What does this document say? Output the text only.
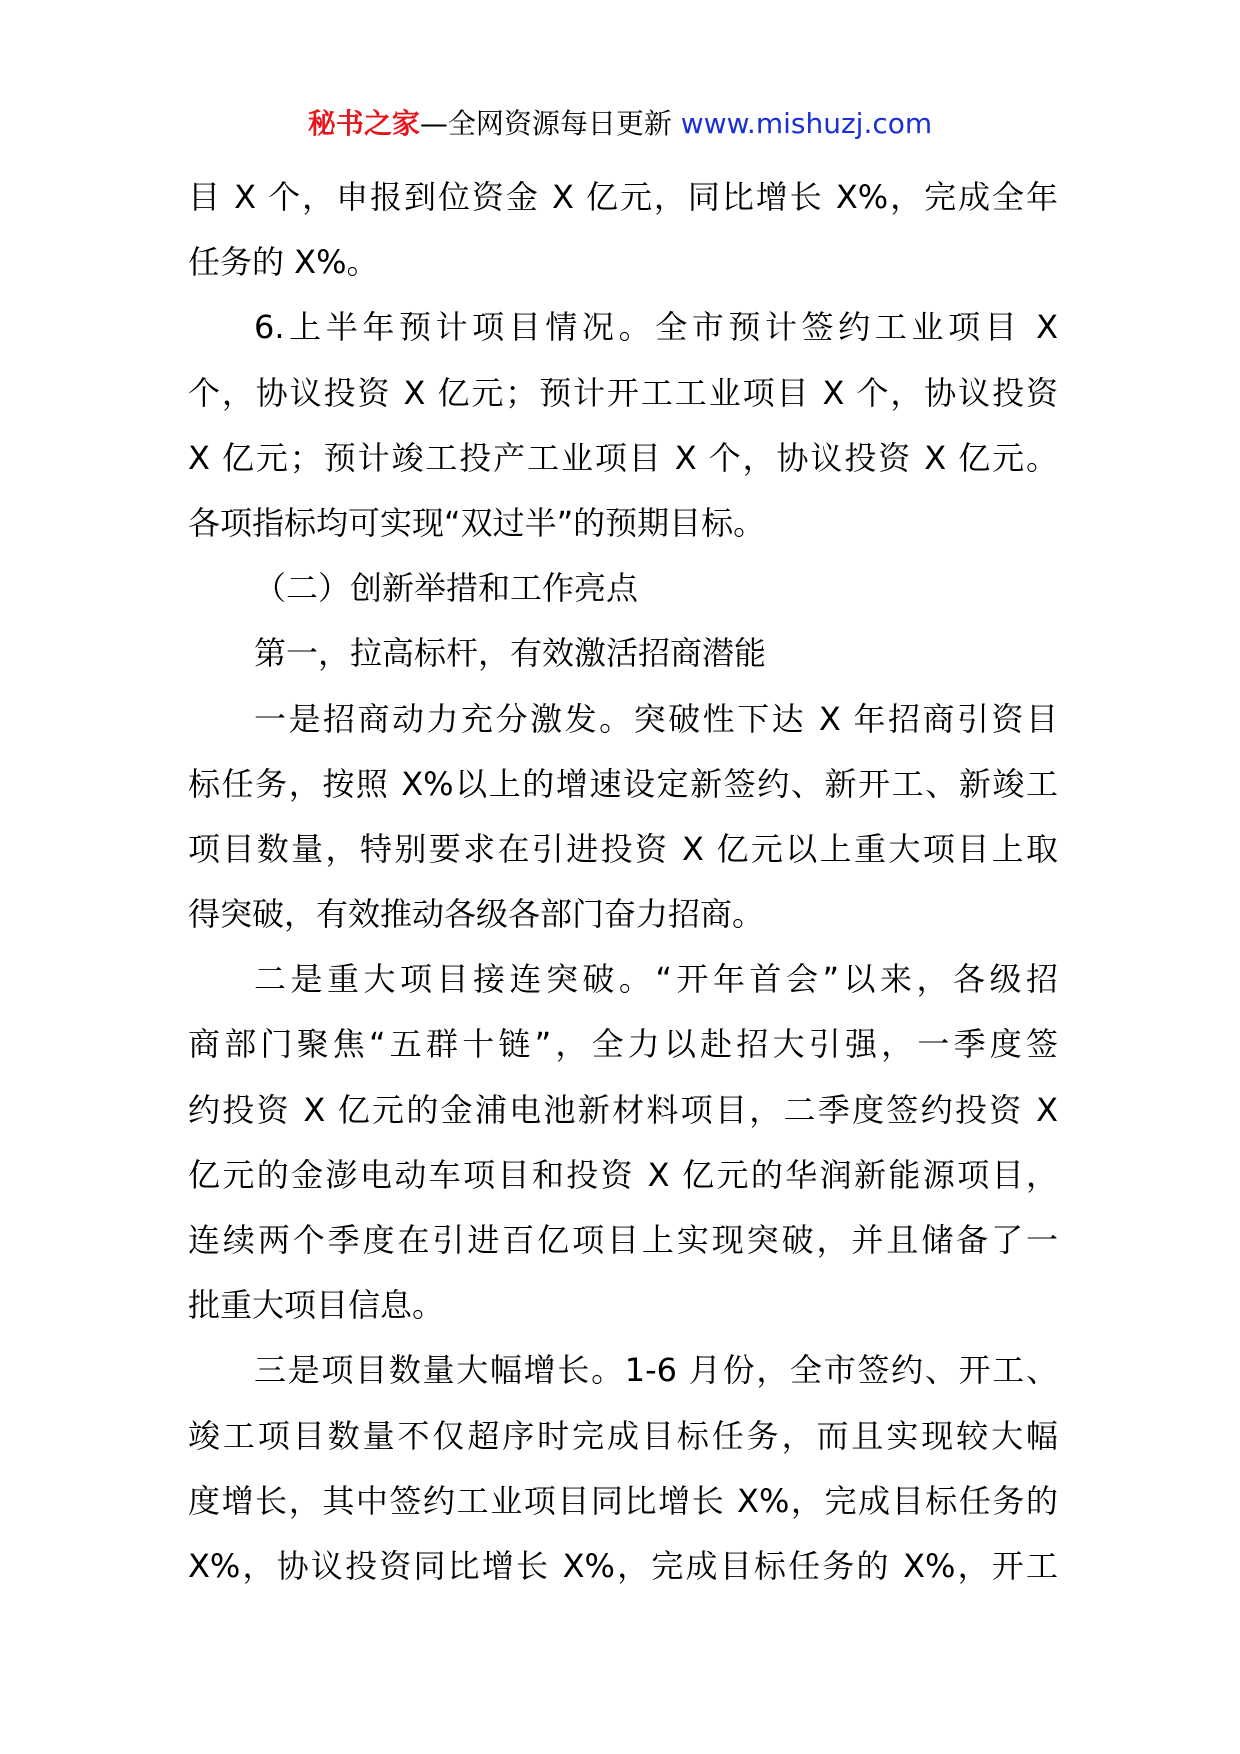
秘书之家—全网资源每日更新 www.mishuzj.com
目 X 个，申报到位资金 X 亿元，同比增长 X%，完成全年
任务的 X%。
6.上半年预计项目情况。全市预计签约工业项目 X
个，协议投资 X 亿元；预计开工工业项目 X 个，协议投资
X 亿元；预计竣工投产工业项目 X 个，协议投资 X 亿元。
各项指标均可实现“双过半”的预期目标。
（二）创新举措和工作亮点
第一，拉高标杆，有效激活招商潜能
一是招商动力充分激发。突破性下达 X 年招商引资目
标任务，按照 X%以上的增速设定新签约、新开工、新竣工
项目数量，特别要求在引进投资 X 亿元以上重大项目上取
得突破，有效推动各级各部门奋力招商。
二是重大项目接连突破。“开年首会”以来，各级招
商部门聚焦“五群十链”，全力以赴招大引强，一季度签
约投资 X 亿元的金浦电池新材料项目，二季度签约投资 X
亿元的金澎电动车项目和投资 X 亿元的华润新能源项目，
连续两个季度在引进百亿项目上实现突破，并且储备了一
批重大项目信息。
三是项目数量大幅增长。1-6 月份，全市签约、开工、
竣工项目数量不仅超序时完成目标任务，而且实现较大幅
度增长，其中签约工业项目同比增长 X%，完成目标任务的
X%，协议投资同比增长 X%，完成目标任务的 X%，开工
